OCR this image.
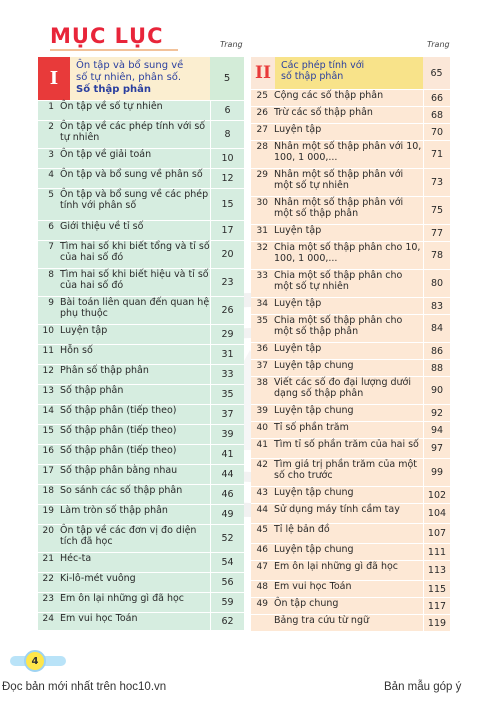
MỤC LỤC	Trang	Trang
I
Ôn tập và bổ sung về
số tự nhiên, phân số.
Số thập phân
5
1 Ôn tập về số tự nhiên	6
2 Ôn tập về các phép tính với số tự nhiên	8
3 Ôn tập về giải toán	10
4 Ôn tập và bổ sung về phân số	12
5 Ôn tập và bổ sung về các phép tính với phân số	15
6 Giới thiệu về tỉ số	17
7 Tìm hai số khi biết tổng và tỉ số của hai số đó	20
8 Tìm hai số khi biết hiệu và tỉ số của hai số đó	23
9 Bài toán liên quan đến quan hệ phụ thuộc	26
10 Luyện tập	29
11 Hỗn số	31
12 Phân số thập phân	33
13 Số thập phân	35
14 Số thập phân (tiếp theo)	37
15 Số thập phân (tiếp theo)	39
16 Số thập phân (tiếp theo)	41
17 Số thập phân bằng nhau	44
18 So sánh các số thập phân	46
19 Làm tròn số thập phân	49
20 Ôn tập về các đơn vị đo diện tích đã học	52
21 Héc-ta	54
22 Ki-lô-mét vuông	56
23 Em ôn lại những gì đã học	59
24 Em vui học Toán	62
II	Các phép tính với
số thập phân	65
25 Cộng các số thập phân	66
26 Trừ các số thập phân	68
27 Luyện tập	70
28 Nhân một số thập phân với 10, 100, 1 000,...	71
29 Nhân một số thập phân với một số tự nhiên	73
30 Nhân một số thập phân với một số thập phân	75
31 Luyện tập	77
32 Chia một số thập phân cho 10, 100, 1 000,...	78
33 Chia một số thập phân cho một số tự nhiên	80
34 Luyện tập	83
35 Chia một số thập phân cho một số thập phân	84
36 Luyện tập	86
37 Luyện tập chung	88
38 Viết các số đo đại lượng dưới dạng số thập phân	90
39 Luyện tập chung	92
40 Tỉ số phần trăm	94
41 Tìm tỉ số phần trăm của hai số	97
42 Tìm giá trị phần trăm của một số cho trước	99
43 Luyện tập chung	102
44 Sử dụng máy tính cầm tay	104
45 Tỉ lệ bản đồ	107
46 Luyện tập chung	111
47 Em ôn lại những gì đã học	113
48 Em vui học Toán	115
49 Ôn tập chung	117
Bảng tra cứu từ ngữ	119
4
Đọc bản mới nhất trên hoc10.vn	Bản mẫu góp ý
